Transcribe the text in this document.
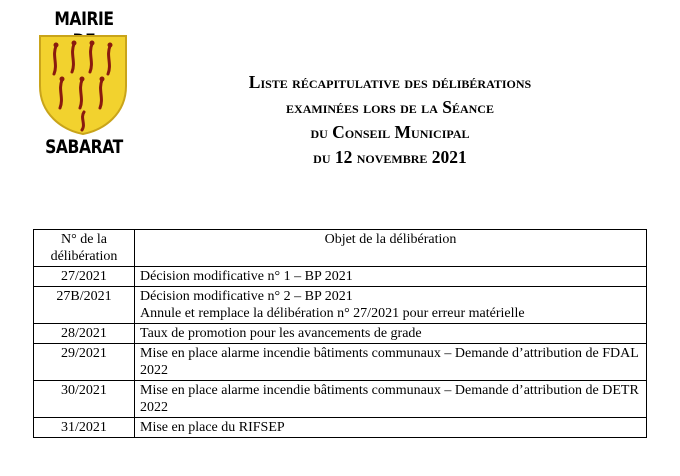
MAIRIE
SABARAT
Liste récapitulative des délibérations
examinées lors de la Séance
du Conseil Municipal
du 12 novembre 2021
N° de la délibération	Objet de la délibération
27/2021	Décision modificative n° 1 – BP 2021

27B/2021	Décision modificative n° 2 – BP 2021
Annule et remplace la délibération n° 27/2021 pour erreur matérielle

28/2021	Taux de promotion pour les avancements de grade

29/2021	Mise en place alarme incendie bâtiments communaux – Demande d’attribution de FDAL 2022

30/2021	Mise en place alarme incendie bâtiments communaux – Demande d’attribution de DETR 2022

31/2021	Mise en place du RIFSEP
